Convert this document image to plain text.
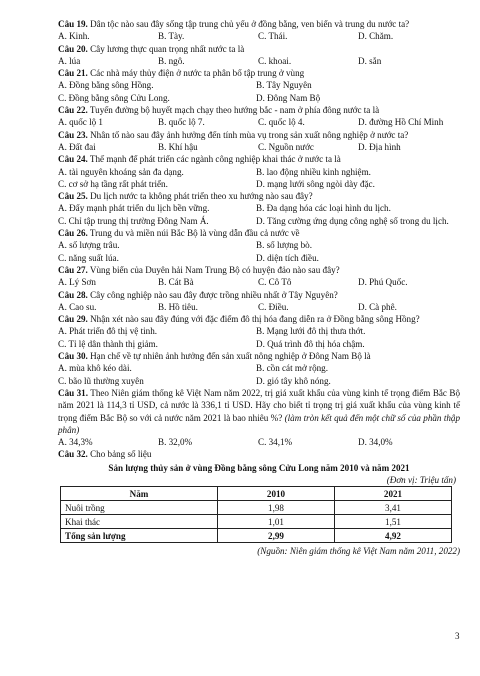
Câu 19. Dân tộc nào sau đây sống tập trung chủ yếu ở đồng bằng, ven biển và trung du nước ta?
A. Kinh.	B. Tày.	C. Thái.	D. Chăm.
Câu 20. Cây lương thực quan trọng nhất nước ta là
A. lúa	B. ngô.	C. khoai.	D. sắn
Câu 21. Các nhà máy thủy điện ở nước ta phân bố tập trung ở vùng
A. Đồng bằng sông Hồng.	B. Tây Nguyên
C. Đồng bằng sông Cửu Long.	D. Đông Nam Bộ
Câu 22. Tuyến đường bộ huyết mạch chạy theo hướng bắc - nam ở phía đông nước ta là
A. quốc lộ 1	B. quốc lộ 7.	C. quốc lộ 4.	D. đường Hồ Chí Minh
Câu 23. Nhân tố nào sau đây ảnh hưởng đến tính mùa vụ trong sản xuất nông nghiệp ở nước ta?
A. Đất đai	B. Khí hậu	C. Nguồn nước	D. Địa hình
Câu 24. Thế mạnh để phát triển các ngành công nghiệp khai thác ở nước ta là
A. tài nguyên khoáng sản đa dạng.	B. lao động nhiều kinh nghiệm.
C. cơ sở hạ tầng rất phát triển.	D. mạng lưới sông ngòi dày đặc.
Câu 25. Du lịch nước ta không phát triển theo xu hướng nào sau đây?
A. Đẩy mạnh phát triển du lịch bền vững.	B. Đa dạng hóa các loại hình du lịch.
C. Chỉ tập trung thị trường Đông Nam Á.	D. Tăng cường ứng dụng công nghệ số trong du lịch.
Câu 26. Trung du và miền núi Bắc Bộ là vùng dẫn đầu cả nước về
A. số lượng trâu.	B. số lượng bò.
C. năng suất lúa.	D. diện tích điều.
Câu 27. Vùng biển của Duyên hải Nam Trung Bộ có huyện đảo nào sau đây?
A. Lý Sơn	B. Cát Bà	C. Cô Tô	D. Phú Quốc.
Câu 28. Cây công nghiệp nào sau đây được trồng nhiều nhất ở Tây Nguyên?
A. Cao su.	B. Hồ tiêu.	C. Điều.	D. Cà phê.
Câu 29. Nhận xét nào sau đây đúng với đặc điểm đô thị hóa đang diễn ra ở Đồng bằng sông Hồng?
A. Phát triển đô thị vệ tinh.	B. Mạng lưới đô thị thưa thớt.
C. Tỉ lệ dân thành thị giảm.	D. Quá trình đô thị hóa chậm.
Câu 30. Hạn chế về tự nhiên ảnh hưởng đến sản xuất nông nghiệp ở Đông Nam Bộ là
A. mùa khô kéo dài.	B. cồn cát mở rộng.
C. bão lũ thường xuyên	D. gió tây khô nóng.
Câu 31. Theo Niên giám thống kê Việt Nam năm 2022, trị giá xuất khẩu của vùng kinh tế trọng điểm Bắc Bộ năm 2021 là 114,3 tỉ USD, cả nước là 336,1 tỉ USD. Hãy cho biết tỉ trọng trị giá xuất khẩu của vùng kinh tế trọng điểm Bắc Bộ so với cả nước năm 2021 là bao nhiêu %? (làm tròn kết quả đến một chữ số của phần thập phân)
A. 34,3%	B. 32,0%	C. 34,1%	D. 34,0%
Câu 32. Cho bảng số liệu
Sản lượng thủy sản ở vùng Đồng bằng sông Cửu Long năm 2010 và năm 2021
(Đơn vị: Triệu tấn)
Năm	2010	2021
Nuôi trồng	1,98	3,41
Khai thác	1,01	1,51
Tổng sản lượng	2,99	4,92
(Nguồn: Niên giám thống kê Việt Nam năm 2011, 2022)
3
